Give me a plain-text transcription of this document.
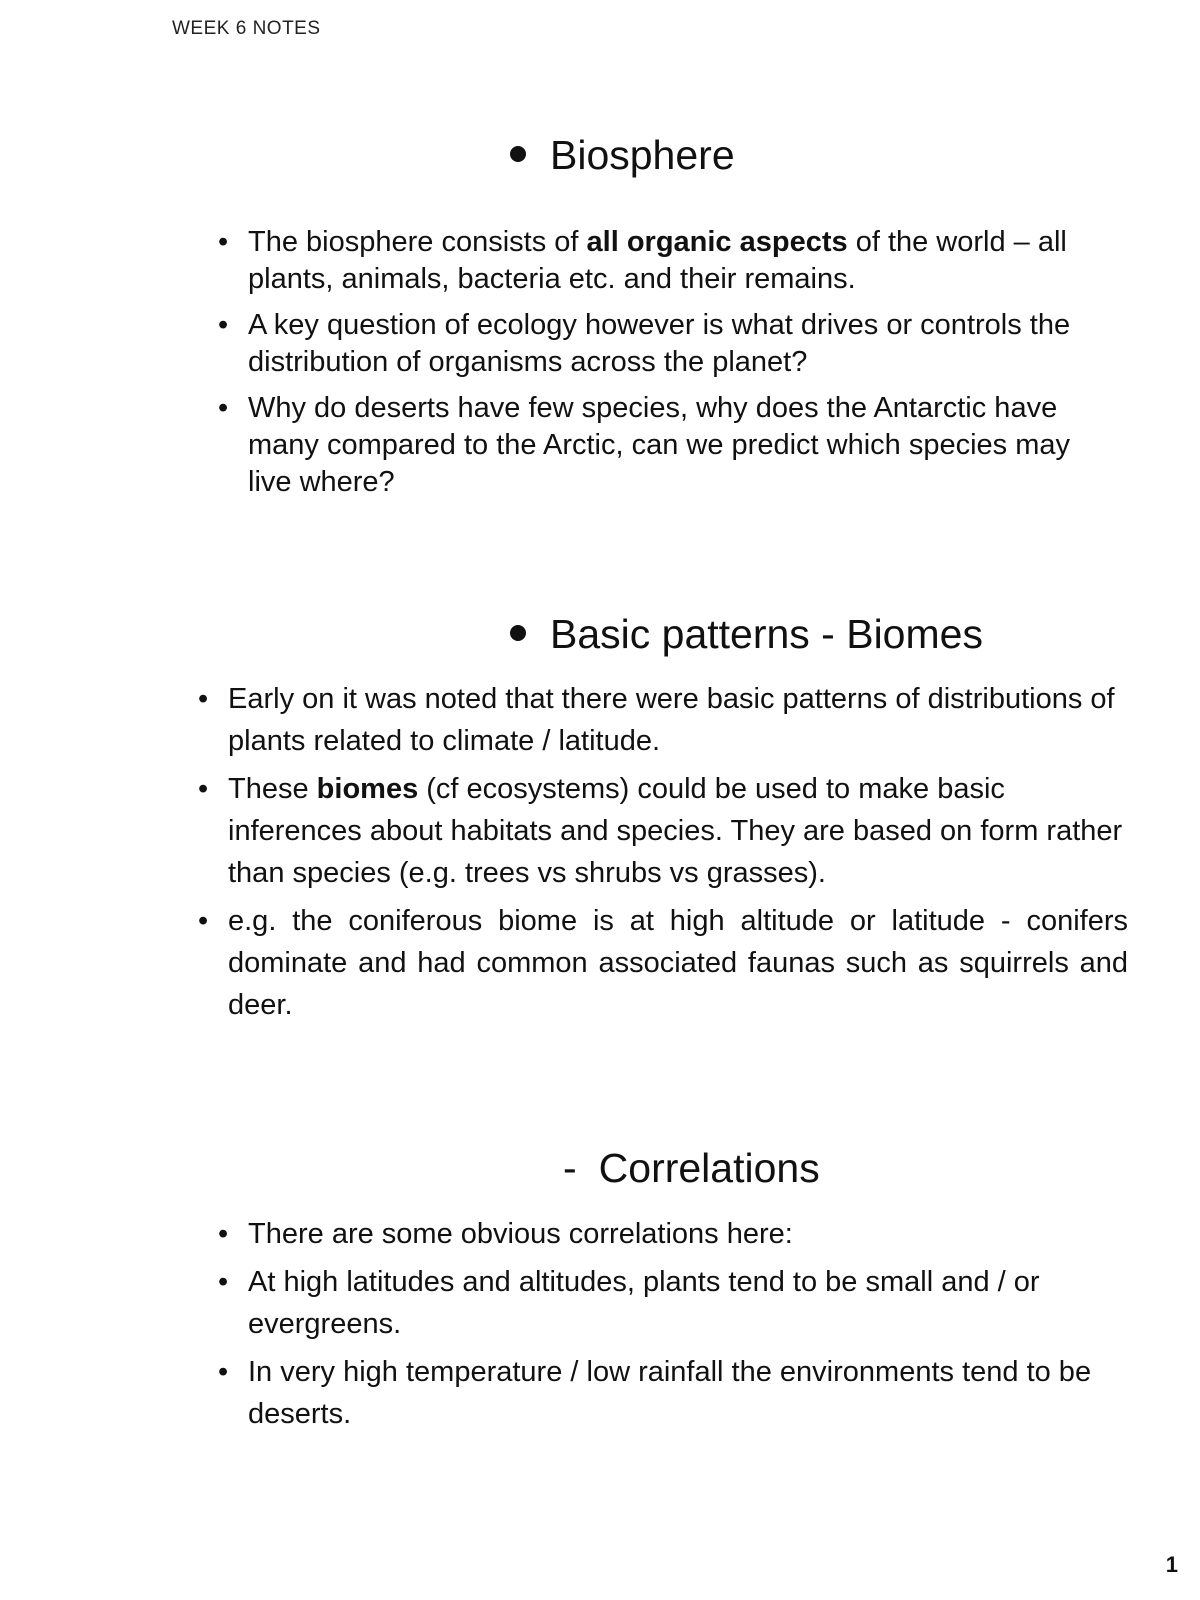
WEEK 6 NOTES
Biosphere
• The biosphere consists of all organic aspects of the world – all plants, animals, bacteria etc. and their remains.
• A key question of ecology however is what drives or controls the distribution of organisms across the planet?
• Why do deserts have few species, why does the Antarctic have many compared to the Arctic, can we predict which species may live where?
Basic patterns - Biomes
• Early on it was noted that there were basic patterns of distributions of plants related to climate / latitude.
• These biomes (cf ecosystems) could be used to make basic inferences about habitats and species. They are based on form rather than species (e.g. trees vs shrubs vs grasses).
• e.g. the coniferous biome is at high altitude or latitude - conifers dominate and had common associated faunas such as squirrels and deer.
- Correlations
• There are some obvious correlations here:
• At high latitudes and altitudes, plants tend to be small and / or evergreens.
• In very high temperature / low rainfall the environments tend to be deserts.
1
